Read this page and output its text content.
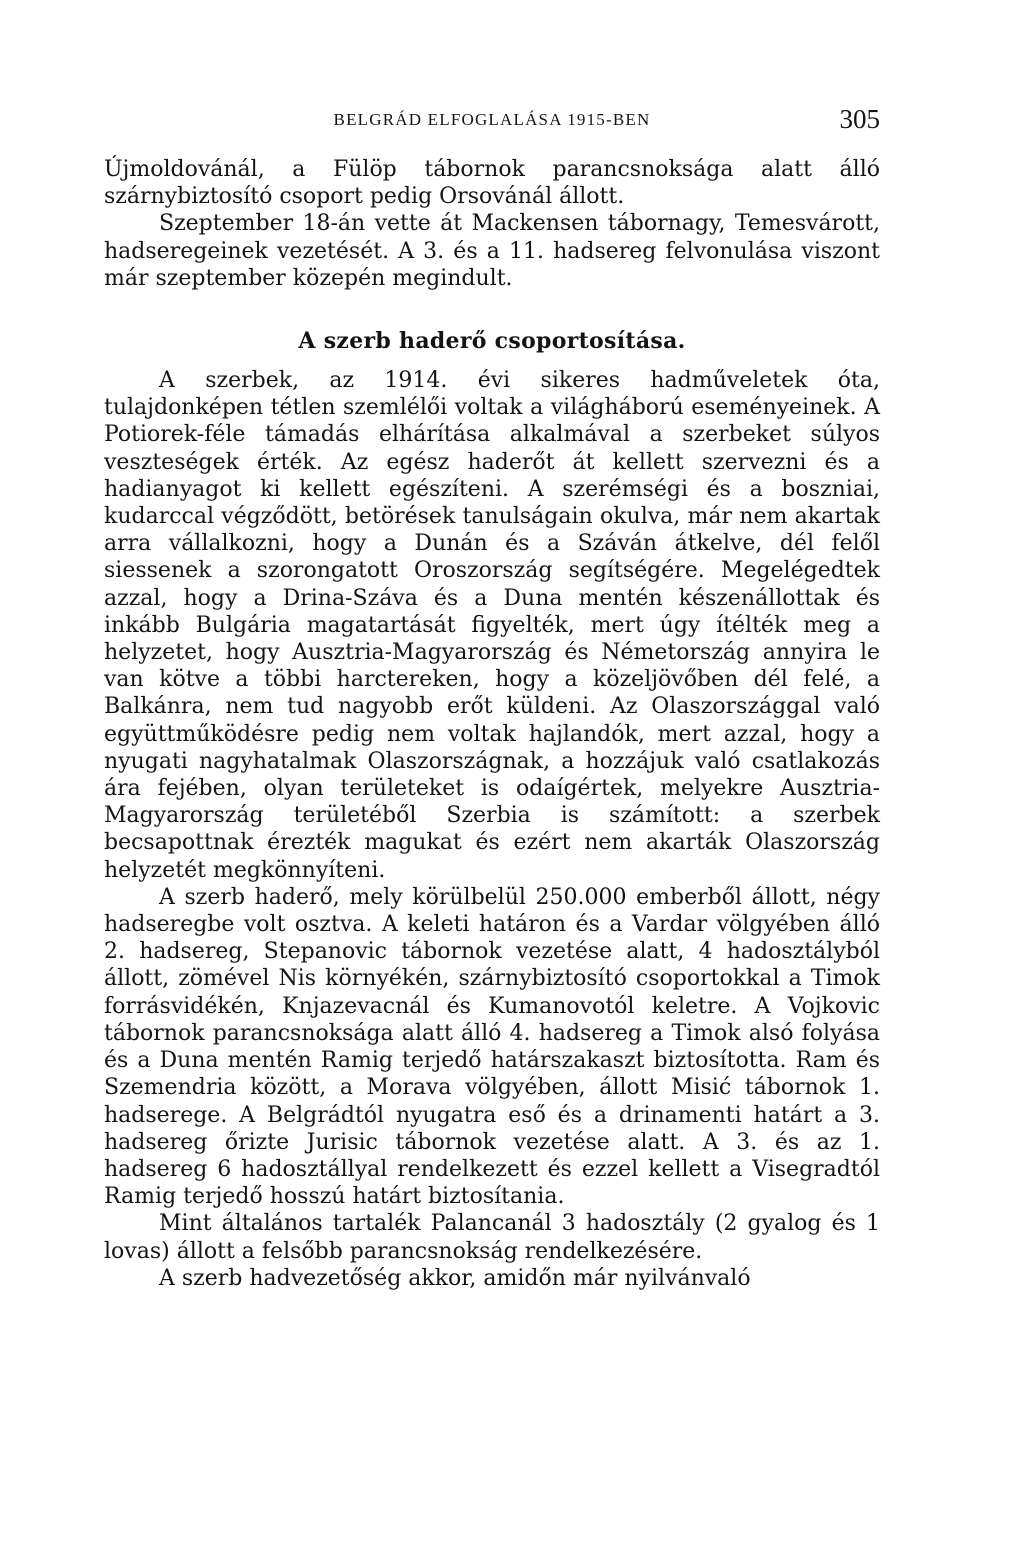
BELGRÁD ELFOGLALÁSA 1915-BEN	305

Újmoldovánál, a Fülöp tábornok parancsnoksága alatt álló szárnybiztosító csoport pedig Orsovánál állott.

Szeptember 18-án vette át Mackensen tábornagy, Temesvárott, hadseregeinek vezetését. A 3. és a 11. hadsereg felvonulása viszont már szeptember közepén megindult.

A szerb haderő csoportosítása.

A szerbek, az 1914. évi sikeres hadműveletek óta, tulajdonképen tétlen szemlélői voltak a világháború eseményeinek. A Potiorek-féle támadás elhárítása alkalmával a szerbeket súlyos veszteségek érték. Az egész haderőt át kellett szervezni és a hadianyagot ki kellett egészíteni. A szerémségi és a boszniai, kudarccal végződött, betörések tanulságain okulva, már nem akartak arra vállalkozni, hogy a Dunán és a Száván átkelve, dél felől siessenek a szorongatott Oroszország segítségére. Megelégedtek azzal, hogy a Drina-Száva és a Duna mentén készenállottak és inkább Bulgária magatartását figyelték, mert úgy ítélték meg a helyzetet, hogy Ausztria-Magyarország és Németország annyira le van kötve a többi harctereken, hogy a közeljövőben dél felé, a Balkánra, nem tud nagyobb erőt küldeni. Az Olaszországgal való együttműködésre pedig nem voltak hajlandók, mert azzal, hogy a nyugati nagyhatalmak Olaszországnak, a hozzájuk való csatlakozás ára fejében, olyan területeket is odaígértek, melyekre Ausztria-Magyarország területéből Szerbia is számított: a szerbek becsapottnak érezték magukat és ezért nem akarták Olaszország helyzetét megkönnyíteni.

A szerb haderő, mely körülbelül 250.000 emberből állott, négy hadseregbe volt osztva. A keleti határon és a Vardar völgyében álló 2. hadsereg, Stepanovic tábornok vezetése alatt, 4 hadosztályból állott, zömével Nis környékén, szárnybiztosító csoportokkal a Timok forrásvidékén, Knjazevacnál és Kumanovotól keletre. A Vojkovic tábornok parancsnoksága alatt álló 4. hadsereg a Timok alsó folyása és a Duna mentén Ramig terjedő határszakaszt biztosította. Ram és Szemendria között, a Morava völgyében, állott Misić tábornok 1. hadserege. A Belgrádtól nyugatra eső és a drinamenti határt a 3. hadsereg őrizte Jurisic tábornok vezetése alatt. A 3. és az 1. hadsereg 6 hadosztállyal rendelkezett és ezzel kellett a Visegradtól Ramig terjedő hosszú határt biztosítania.

Mint általános tartalék Palancanál 3 hadosztály (2 gyalog és 1 lovas) állott a felsőbb parancsnokság rendelkezésére.

A szerb hadvezetőség akkor, amidőn már nyilvánvaló
